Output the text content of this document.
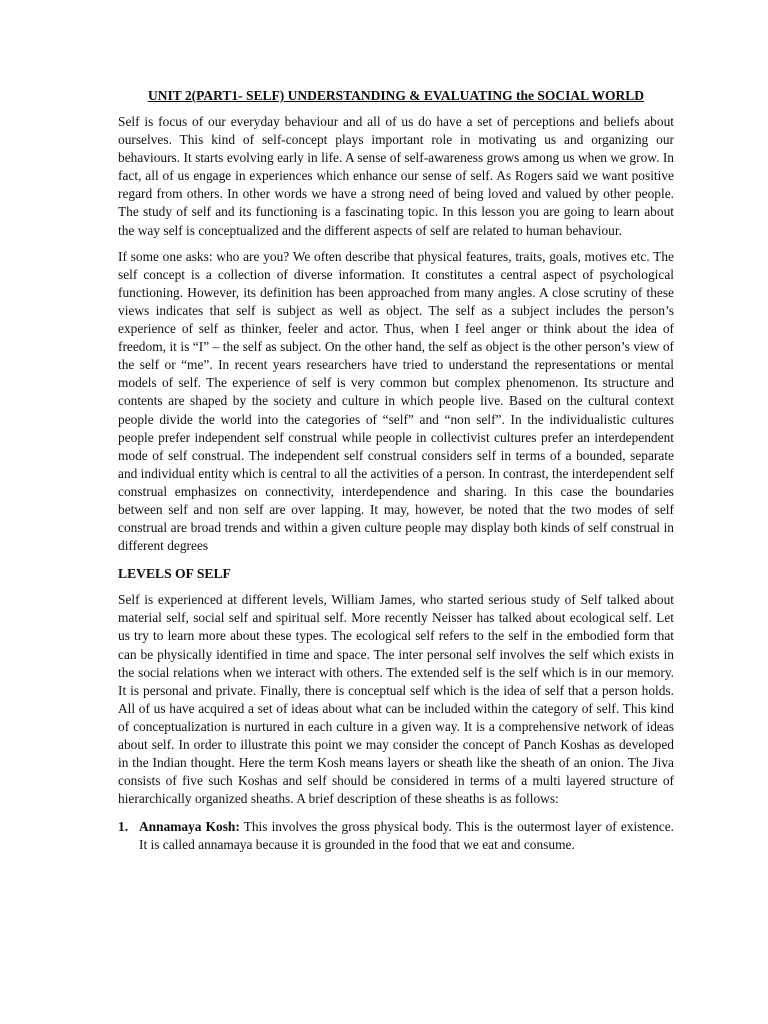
UNIT 2(PART1- SELF) UNDERSTANDING & EVALUATING the SOCIAL WORLD

Self is focus of our everyday behaviour and all of us do have a set of perceptions and beliefs about ourselves. This kind of self-concept plays important role in motivating us and organizing our behaviours. It starts evolving early in life. A sense of self-awareness grows among us when we grow. In fact, all of us engage in experiences which enhance our sense of self. As Rogers said we want positive regard from others. In other words we have a strong need of being loved and valued by other people. The study of self and its functioning is a fascinating topic. In this lesson you are going to learn about the way self is conceptualized and the different aspects of self are related to human behaviour.

If some one asks: who are you? We often describe that physical features, traits, goals, motives etc. The self concept is a collection of diverse information. It constitutes a central aspect of psychological functioning. However, its definition has been approached from many angles. A close scrutiny of these views indicates that self is subject as well as object. The self as a subject includes the person’s experience of self as thinker, feeler and actor. Thus, when I feel anger or think about the idea of freedom, it is “I” – the self as subject. On the other hand, the self as object is the other person’s view of the self or “me”. In recent years researchers have tried to understand the representations or mental models of self. The experience of self is very common but complex phenomenon. Its structure and contents are shaped by the society and culture in which people live. Based on the cultural context people divide the world into the categories of “self” and “non self”. In the individualistic cultures people prefer independent self construal while people in collectivist cultures prefer an interdependent mode of self construal. The independent self construal considers self in terms of a bounded, separate and individual entity which is central to all the activities of a person. In contrast, the interdependent self construal emphasizes on connectivity, interdependence and sharing. In this case the boundaries between self and non self are over lapping. It may, however, be noted that the two modes of self construal are broad trends and within a given culture people may display both kinds of self construal in different degrees

LEVELS OF SELF

Self is experienced at different levels, William James, who started serious study of Self talked about material self, social self and spiritual self. More recently Neisser has talked about ecological self. Let us try to learn more about these types. The ecological self refers to the self in the embodied form that can be physically identified in time and space. The inter personal self involves the self which exists in the social relations when we interact with others. The extended self is the self which is in our memory. It is personal and private. Finally, there is conceptual self which is the idea of self that a person holds. All of us have acquired a set of ideas about what can be included within the category of self. This kind of conceptualization is nurtured in each culture in a given way. It is a comprehensive network of ideas about self. In order to illustrate this point we may consider the concept of Panch Koshas as developed in the Indian thought. Here the term Kosh means layers or sheath like the sheath of an onion. The Jiva consists of five such Koshas and self should be considered in terms of a multi layered structure of hierarchically organized sheaths. A brief description of these sheaths is as follows:

1. Annamaya Kosh: This involves the gross physical body. This is the outermost layer of existence. It is called annamaya because it is grounded in the food that we eat and consume.
